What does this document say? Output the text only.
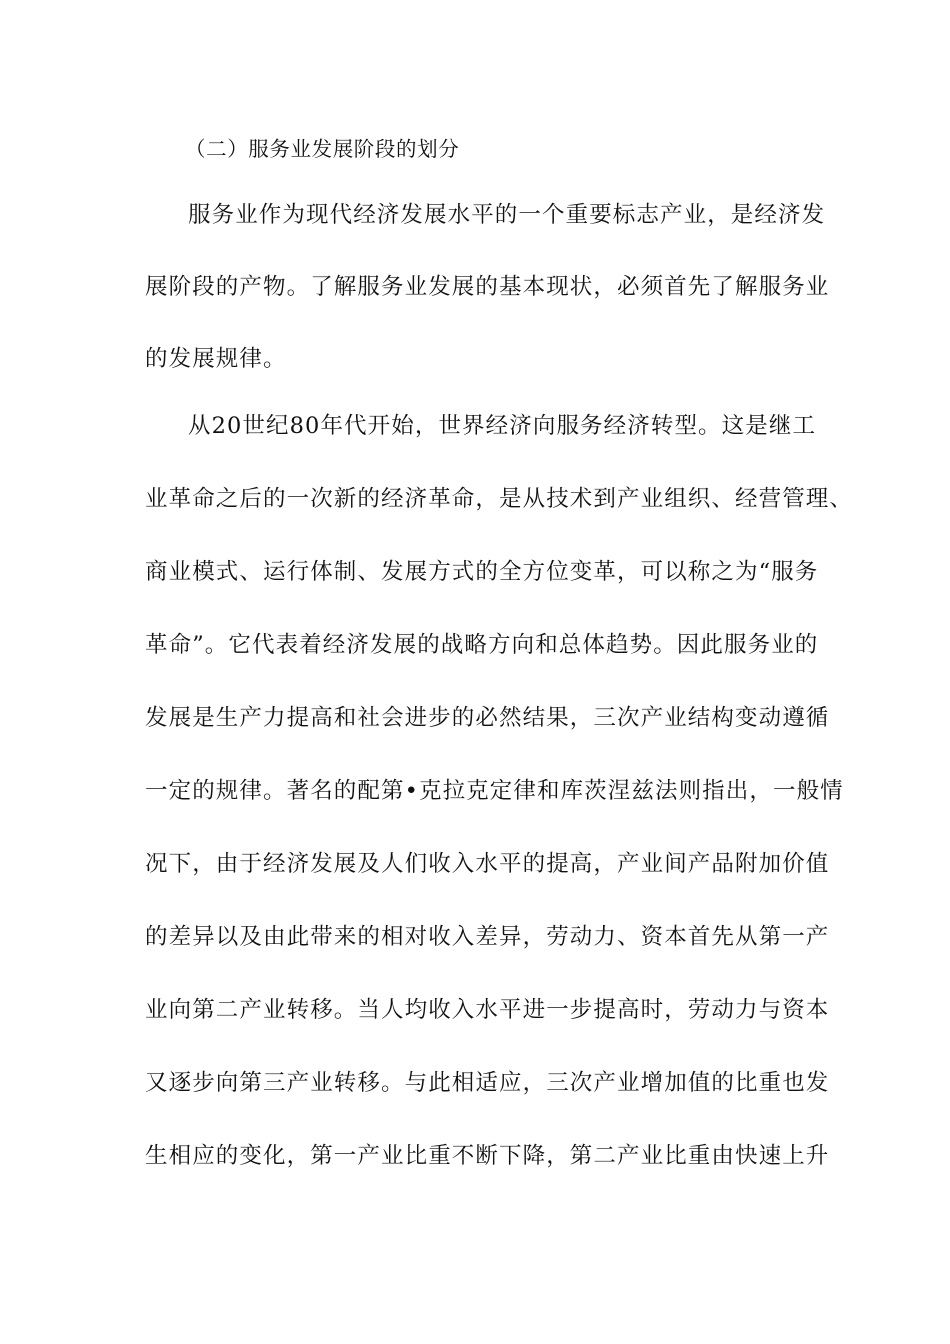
（二）服务业发展阶段的划分
服务业作为现代经济发展水平的一个重要标志产业，是经济发
展阶段的产物。了解服务业发展的基本现状，必须首先了解服务业
的发展规律。
从20世纪80年代开始，世界经济向服务经济转型。这是继工
业革命之后的一次新的经济革命，是从技术到产业组织、经营管理、
商业模式、运行体制、发展方式的全方位变革，可以称之为“服务
革命”。它代表着经济发展的战略方向和总体趋势。因此服务业的
发展是生产力提高和社会进步的必然结果，三次产业结构变动遵循
一定的规律。著名的配第•克拉克定律和库茨涅兹法则指出，一般情
况下，由于经济发展及人们收入水平的提高，产业间产品附加价值
的差异以及由此带来的相对收入差异，劳动力、资本首先从第一产
业向第二产业转移。当人均收入水平进一步提高时，劳动力与资本
又逐步向第三产业转移。与此相适应，三次产业增加值的比重也发
生相应的变化，第一产业比重不断下降，第二产业比重由快速上升
